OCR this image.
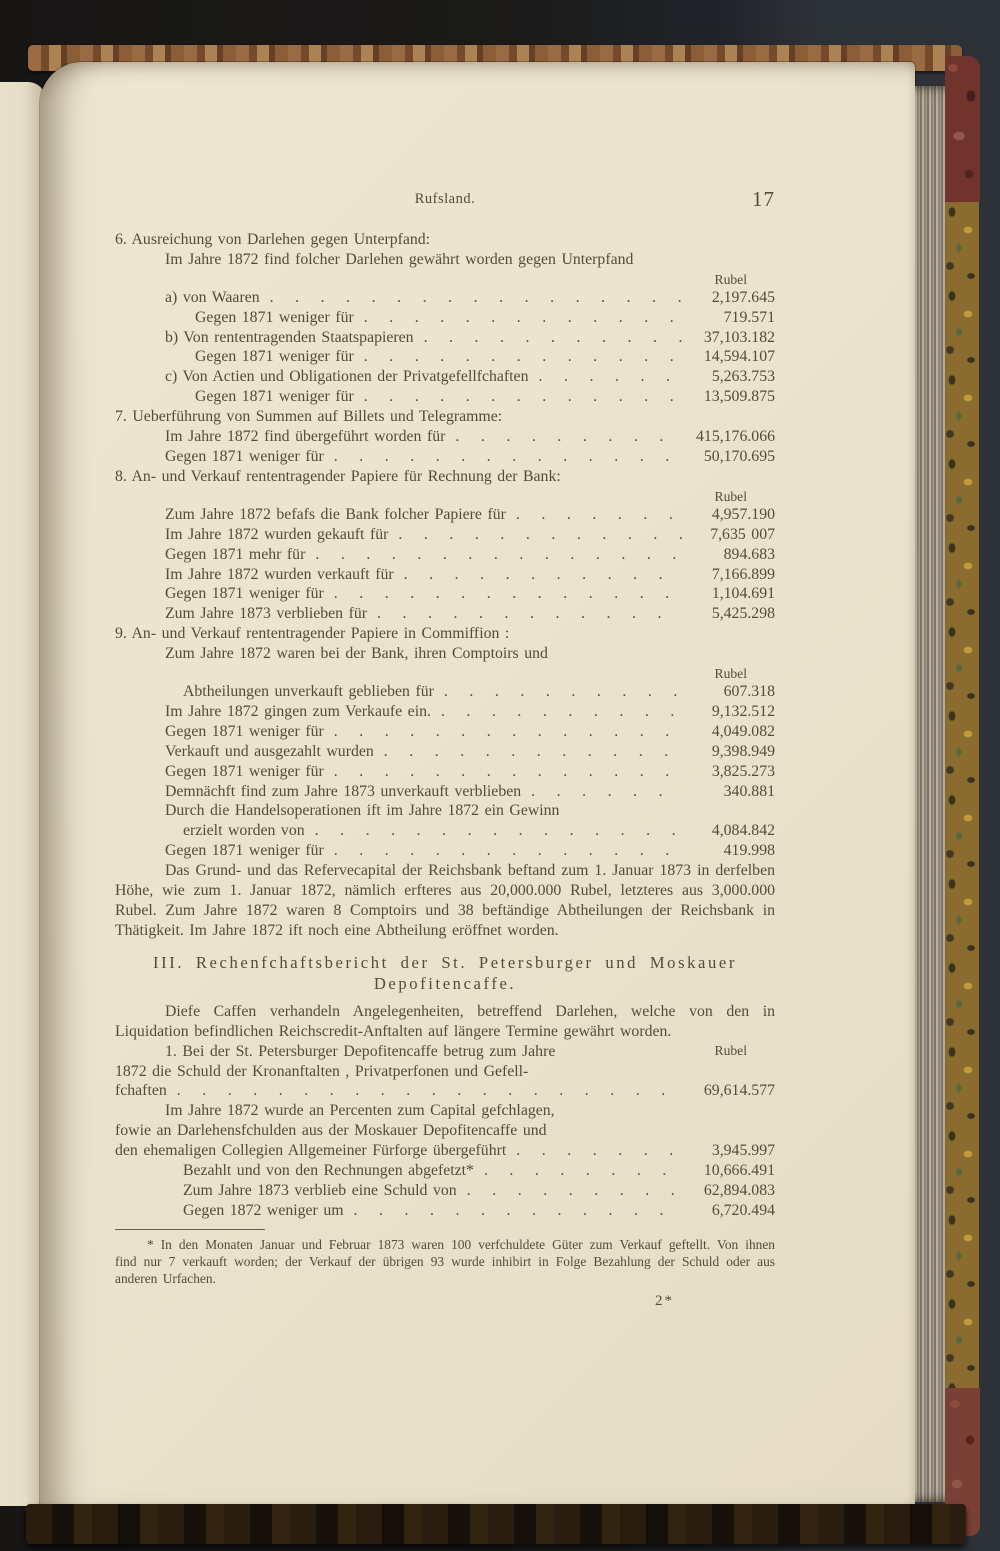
Rufsland.	17
6. Ausreichung von Darlehen gegen Unterpfand:
Im Jahre 1872 find folcher Darlehen gewährt worden gegen Unterpfand
Rubel
a) von Waaren . . .	2,197.645
Gegen 1871 weniger für . . .	719.571
b) Von rententragenden Staatspapieren . . .	37,103.182
Gegen 1871 weniger für . . .	14,594.107
c) Von Actien und Obligationen der Privatgefellfchaften . . .	5,263.753
Gegen 1871 weniger für . . .	13,509.875
7. Ueberführung von Summen auf Billets und Telegramme:
Im Jahre 1872 find übergeführt worden für . . .	415,176.066
Gegen 1871 weniger für . . .	50,170.695
8. An- und Verkauf rententragender Papiere für Rechnung der Bank:
Rubel
Zum Jahre 1872 befafs die Bank folcher Papiere für . . .	4,957.190
Im Jahre 1872 wurden gekauft für . . .	7,635 007
Gegen 1871 mehr für . . .	894.683
Im Jahre 1872 wurden verkauft für . . .	7,166.899
Gegen 1871 weniger für . . .	1,104.691
Zum Jahre 1873 verblieben für . . .	5,425.298
9. An- und Verkauf rententragender Papiere in Commiffion :
Zum Jahre 1872 waren bei der Bank, ihren Comptoirs und
Rubel
Abtheilungen unverkauft geblieben für . . .	607.318
Im Jahre 1872 gingen zum Verkaufe ein. . . .	9,132.512
Gegen 1871 weniger für . . .	4,049.082
Verkauft und ausgezahlt wurden . . .	9,398.949
Gegen 1871 weniger für . . .	3,825.273
Demnächft find zum Jahre 1873 unverkauft verblieben . . .	340.881
Durch die Handelsoperationen ift im Jahre 1872 ein Gewinn
erzielt worden von . . .	4,084.842
Gegen 1871 weniger für . . .	419.998
Das Grund- und das Refervecapital der Reichsbank beftand zum 1. Januar 1873 in derfelben Höhe, wie zum 1. Januar 1872, nämlich erfteres aus 20,000.000 Rubel, letzteres aus 3,000.000 Rubel. Zum Jahre 1872 waren 8 Comptoirs und 38 beftändige Abtheilungen der Reichsbank in Thätigkeit. Im Jahre 1872 ift noch eine Abtheilung eröffnet worden.
III. Rechenfchaftsbericht der St. Petersburger und Moskauer
Depofitencaffe.
Diefe Caffen verhandeln Angelegenheiten, betreffend Darlehen, welche von den in Liquidation befindlichen Reichscredit-Anftalten auf längere Termine gewährt worden.
1. Bei der St. Petersburger Depofitencaffe betrug zum Jahre	Rubel
1872 die Schuld der Kronanftalten , Privatperfonen und Gefell-
fchaften . . .	69,614.577
Im Jahre 1872 wurde an Percenten zum Capital gefchlagen,
fowie an Darlehensfchulden aus der Moskauer Depofitencaffe und
den ehemaligen Collegien Allgemeiner Fürforge übergeführt . . .	3,945.997
Bezahlt und von den Rechnungen abgefetzt* . . .	10,666.491
Zum Jahre 1873 verblieb eine Schuld von . . .	62,894.083
Gegen 1872 weniger um . . .	6,720.494
* In den Monaten Januar und Februar 1873 waren 100 verfchuldete Güter zum Verkauf geftellt. Von ihnen find nur 7 verkauft worden; der Verkauf der übrigen 93 wurde inhibirt in Folge Bezahlung der Schuld oder aus anderen Urfachen.
2*
